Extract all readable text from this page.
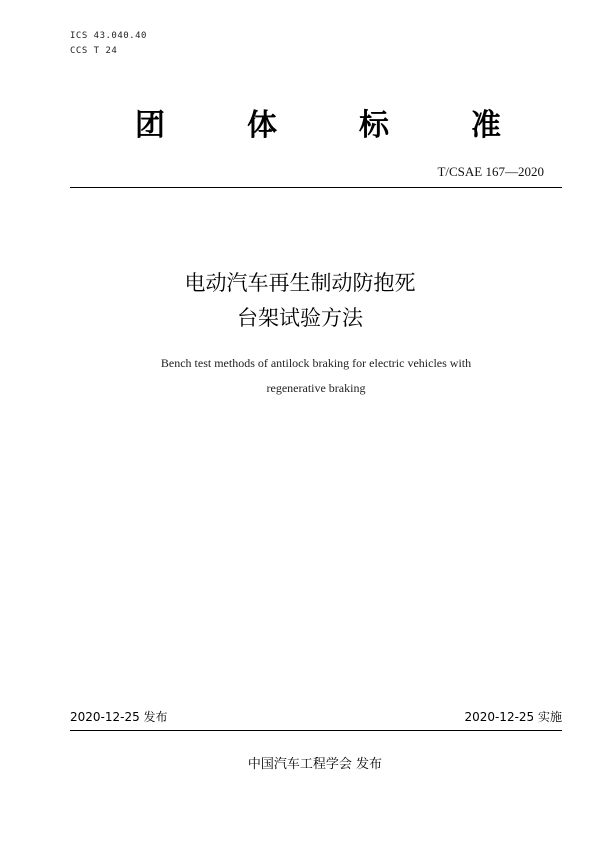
ICS 43.040.40
CCS T 24
团	体	标	准
T/CSAE 167—2020
电动汽车再生制动防抱死
台架试验方法
Bench test methods of antilock braking for electric vehicles with
regenerative braking
2020-12-25 发布	2020-12-25 实施
中国汽车工程学会 发布
